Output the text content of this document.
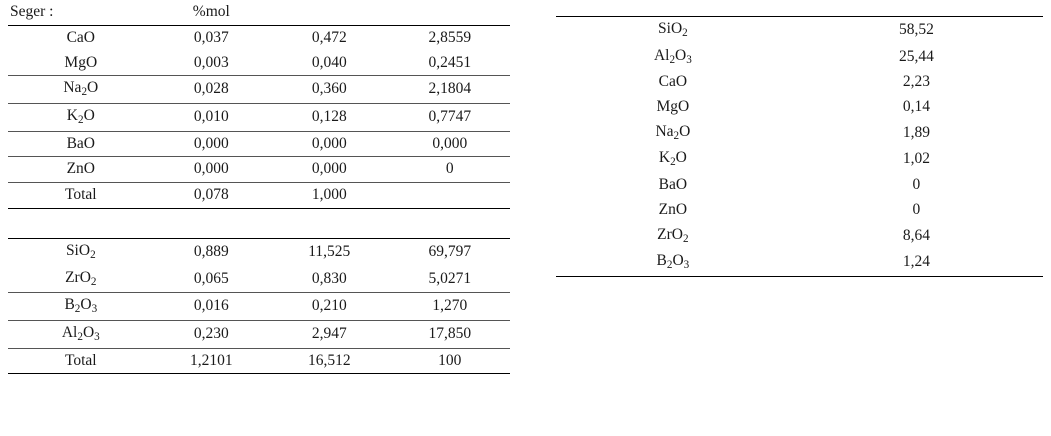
Seger :	%mol		
CaO	0,037	0,472	2,8559
MgO	0,003	0,040	0,2451
$Na_2O$	0,028	0,360	2,1804
$K_2O$	0,010	0,128	0,7747
BaO	0,000	0,000	0,000
ZnO	0,000	0,000	0
Total	0,078	1,000	

SiO$_2$	0,889	11,525	69,797
ZrO$_2$	0,065	0,830	5,0271
$B_2O_3$	0,016	0,210	1,270
$Al_2O_3$	0,230	2,947	17,850
Total	1,2101	16,512	100
SiO$_2$	58,52
$Al_2O_3$	25,44
CaO	2,23
MgO	0,14
$Na_2O$	1,89
$K_2O$	1,02
BaO	0
ZnO	0
ZrO$_2$	8,64
$B_2O_3$	1,24
